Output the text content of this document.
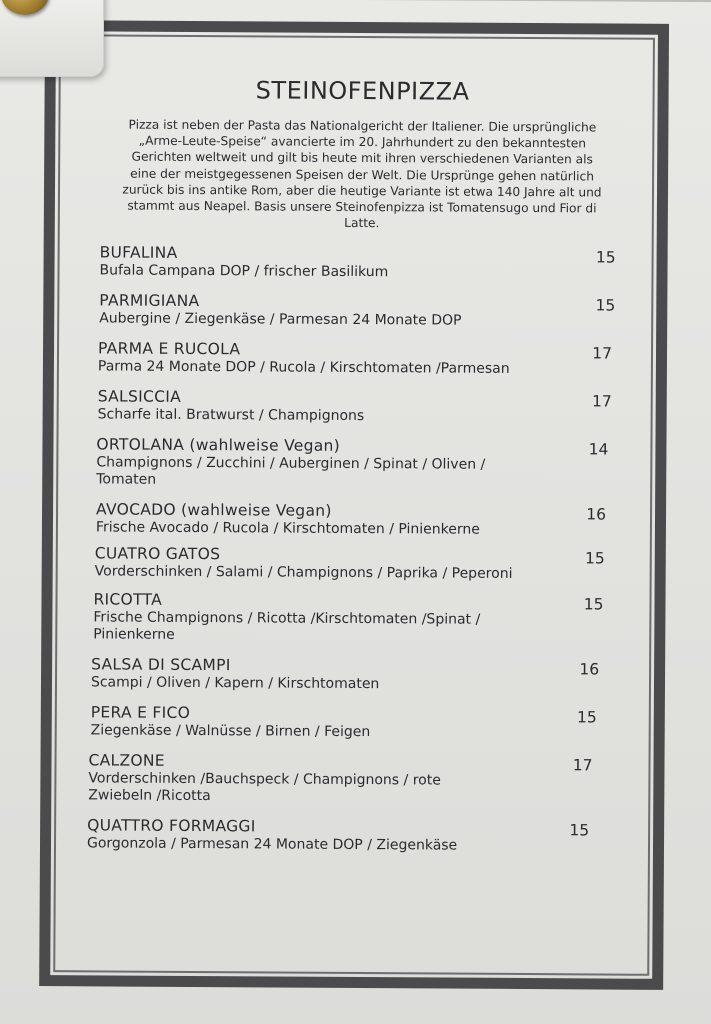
STEINOFENPIZZA

Pizza ist neben der Pasta das Nationalgericht der Italiener. Die ursprüngliche „Arme-Leute-Speise“ avancierte im 20. Jahrhundert zu den bekanntesten Gerichten weltweit und gilt bis heute mit ihren verschiedenen Varianten als eine der meistgegessenen Speisen der Welt. Die Ursprünge gehen natürlich zurück bis ins antike Rom, aber die heutige Variante ist etwa 140 Jahre alt und stammt aus Neapel. Basis unsere Steinofenpizza ist Tomatensugo und Fior di Latte.

BUFALINA
Bufala Campana DOP / frischer Basilikum
15
PARMIGIANA
Aubergine / Ziegenkäse / Parmesan 24 Monate DOP
15
PARMA E RUCOLA
Parma 24 Monate DOP / Rucola / Kirschtomaten /Parmesan
17
SALSICCIA
Scharfe ital. Bratwurst / Champignons
17
ORTOLANA (wahlweise Vegan)
Champignons / Zucchini / Auberginen / Spinat / Oliven / Tomaten
14
AVOCADO (wahlweise Vegan)
Frische Avocado / Rucola / Kirschtomaten / Pinienkerne
16
CUATRO GATOS
Vorderschinken / Salami / Champignons / Paprika / Peperoni
15
RICOTTA
Frische Champignons / Ricotta /Kirschtomaten /Spinat / Pinienkerne
15
SALSA DI SCAMPI
Scampi / Oliven / Kapern / Kirschtomaten
16
PERA E FICO
Ziegenkäse / Walnüsse / Birnen / Feigen
15
CALZONE
Vorderschinken /Bauchspeck / Champignons / rote Zwiebeln /Ricotta
17
QUATTRO FORMAGGI
Gorgonzola / Parmesan 24 Monate DOP / Ziegenkäse
15
